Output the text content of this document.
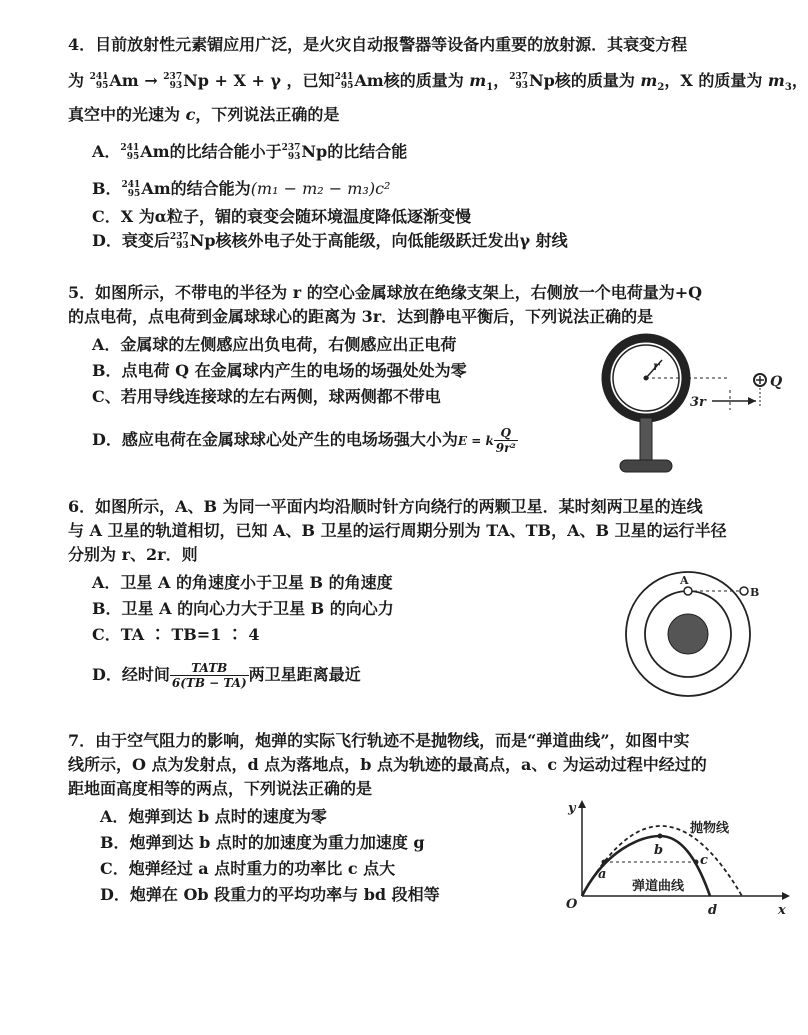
4．目前放射性元素镅应用广泛，是火灾自动报警器等设备内重要的放射源．其衰变方程
为 241
95 Am → 237
93 Np + X + γ ，已知 241
95 Am核的质量为 $m_1$， 237
93 Np核的质量为 $m_2$，X 的质量为 $m_3$，
真空中的光速为 c，下列说法正确的是
A． 241
95 Am的比结合能小于 237
93 Np的比结合能
B． 241
95 Am的结合能为(m₁ − m₂ − m₃)c²
C．X 为α粒子，镅的衰变会随环境温度降低逐渐变慢
D．衰变后 237
93 Np核核外电子处于高能级，向低能级跃迁发出γ 射线
5．如图所示，不带电的半径为 r 的空心金属球放在绝缘支架上，右侧放一个电荷量为+Q
的点电荷，点电荷到金属球球心的距离为 3r．达到静电平衡后，下列说法正确的是
A．金属球的左侧感应出负电荷，右侧感应出正电荷
B．点电荷 Q 在金属球内产生的电场的场强处处为零
C、若用导线连接球的左右两侧，球两侧都不带电
D．感应电荷在金属球球心处产生的电场场强大小为E = k $\frac{Q}{\text{9r²}}$
r
3r
Q
6．如图所示，A、B 为同一平面内均沿顺时针方向绕行的两颗卫星．某时刻两卫星的连线
与 A 卫星的轨道相切，已知 A、B 卫星的运行周期分别为 TA、TB，A、B 卫星的运行半径
分别为 r、2r．则
A．卫星 A 的角速度小于卫星 B 的角速度
B．卫星 A 的向心力大于卫星 B 的向心力
C．TA ∶ TB=1 ∶ 4
D．经时间 $\frac{\text{TATB}}{6(TB - TA)}$ 两卫星距离最近
A
B
7．由于空气阻力的影响，炮弹的实际飞行轨迹不是抛物线，而是“弹道曲线”，如图中实
线所示，O 点为发射点，d 点为落地点，b 点为轨迹的最高点，a、c 为运动过程中经过的
距地面高度相等的两点，下列说法正确的是
A．炮弹到达 b 点时的速度为零
B．炮弹到达 b 点时的加速度为重力加速度 g
C．炮弹经过 a 点时重力的功率比 c 点大
D．炮弹在 Ob 段重力的平均功率与 bd 段相等
y
x
O
a
b
c
d
抛物线
弹道曲线
